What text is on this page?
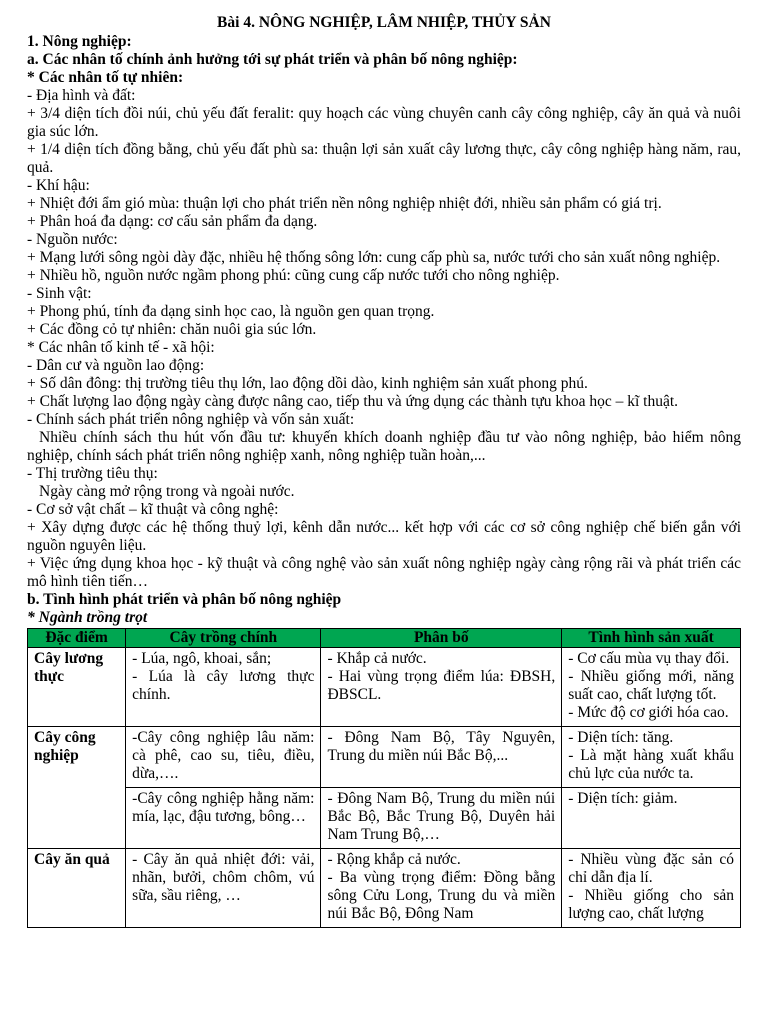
Bài 4. NÔNG NGHIỆP, LÂM NHIỆP, THỦY SẢN
1. Nông nghiệp:
a. Các nhân tố chính ảnh hưởng tới sự phát triển và phân bố nông nghiệp:
* Các nhân tố tự nhiên:
- Địa hình và đất:
+ 3/4 diện tích đồi núi, chủ yếu đất feralit: quy hoạch các vùng chuyên canh cây công nghiệp, cây ăn quả và nuôi gia súc lớn.
+ 1/4 diện tích đồng bằng, chủ yếu đất phù sa: thuận lợi sản xuất cây lương thực, cây công nghiệp hàng năm, rau, quả.
- Khí hậu:
+ Nhiệt đới ẩm gió mùa: thuận lợi cho phát triển nền nông nghiệp nhiệt đới, nhiều sản phẩm có giá trị.
+ Phân hoá đa dạng: cơ cấu sản phẩm đa dạng.
- Nguồn nước:
+ Mạng lưới sông ngòi dày đặc, nhiều hệ thống sông lớn: cung cấp phù sa, nước tưới cho sản xuất nông nghiệp.
+ Nhiều hồ, nguồn nước ngầm phong phú: cũng cung cấp nước tưới cho nông nghiệp.
- Sinh vật:
+ Phong phú, tính đa dạng sinh học cao, là nguồn gen quan trọng.
+ Các đồng cỏ tự nhiên: chăn nuôi gia súc lớn.
* Các nhân tố kinh tế - xã hội:
- Dân cư và nguồn lao động:
+ Số dân đông: thị trường tiêu thụ lớn, lao động dồi dào, kinh nghiệm sản xuất phong phú.
+ Chất lượng lao động ngày càng được nâng cao, tiếp thu và ứng dụng các thành tựu khoa học – kĩ thuật.
- Chính sách phát triển nông nghiệp và vốn sản xuất:
Nhiều chính sách thu hút vốn đầu tư: khuyến khích doanh nghiệp đầu tư vào nông nghiệp, bảo hiểm nông nghiệp, chính sách phát triển nông nghiệp xanh, nông nghiệp tuần hoàn,...
- Thị trường tiêu thụ:
Ngày càng mở rộng trong và ngoài nước.
- Cơ sở vật chất – kĩ thuật và công nghệ:
+ Xây dựng được các hệ thống thuỷ lợi, kênh dẫn nước... kết hợp với các cơ sở công nghiệp chế biến gắn với nguồn nguyên liệu.
+ Việc ứng dụng khoa học - kỹ thuật và công nghệ vào sản xuất nông nghiệp ngày càng rộng rãi và phát triển các mô hình tiên tiến…
b. Tình hình phát triển và phân bố nông nghiệp
* Ngành trồng trọt
Đặc điểm	Cây trồng chính	Phân bố	Tình hình sản xuất

Cây lương
thực	- Lúa, ngô, khoai, sắn;
- Lúa là cây lương thực chính.	- Khắp cả nước.
- Hai vùng trọng điểm lúa: ĐBSH, ĐBSCL.	- Cơ cấu mùa vụ thay đổi.
- Nhiều giống mới, năng suất cao, chất lượng tốt.
- Mức độ cơ giới hóa cao.

Cây công
nghiệp	-Cây công nghiệp lâu năm: cà phê, cao su, tiêu, điều, dừa,….	- Đông Nam Bộ, Tây Nguyên, Trung du miền núi Bắc Bộ,...	- Diện tích: tăng.
- Là mặt hàng xuất khẩu chủ lực của nước ta.

	-Cây công nghiệp hằng năm: mía, lạc, đậu tương, bông…	- Đông Nam Bộ, Trung du miền núi Bắc Bộ, Bắc Trung Bộ, Duyên hải Nam Trung Bộ,…	- Diện tích: giảm.

Cây ăn quả	- Cây ăn quả nhiệt đới: vải, nhãn, bưởi, chôm chôm, vú sữa, sầu riêng, …	- Rộng khắp cả nước.
- Ba vùng trọng điểm: Đồng bằng sông Cửu Long, Trung du và miền núi Bắc Bộ, Đông Nam	- Nhiều vùng đặc sản có chỉ dẫn địa lí.
- Nhiều giống cho sản lượng cao, chất lượng
